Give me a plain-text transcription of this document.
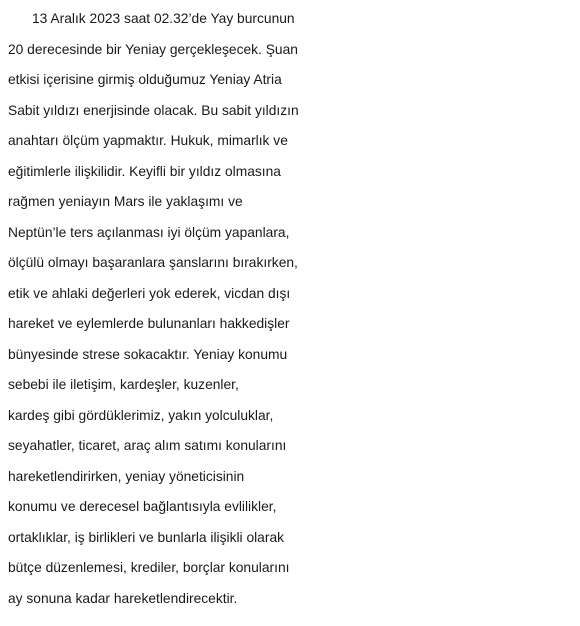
13 Aralık 2023 saat 02.32’de Yay burcunun
20 derecesinde bir Yeniay gerçekleşecek. Şuan
etkisi içerisine girmiş olduğumuz Yeniay Atria
Sabit yıldızı enerjisinde olacak. Bu sabit yıldızın
anahtarı ölçüm yapmaktır. Hukuk, mimarlık ve
eğitimlerle ilişkilidir. Keyifli bir yıldız olmasına
rağmen yeniayın Mars ile yaklaşımı ve
Neptün’le ters açılanması iyi ölçüm yapanlara,
ölçülü olmayı başaranlara şanslarını bırakırken,
etik ve ahlaki değerleri yok ederek, vicdan dışı
hareket ve eylemlerde bulunanları hakkedişler
bünyesinde strese sokacaktır. Yeniay konumu
sebebi ile iletişim, kardeşler, kuzenler,
kardeş gibi gördüklerimiz, yakın yolculuklar,
seyahatler, ticaret, araç alım satımı konularını
hareketlendirirken, yeniay yöneticisinin
konumu ve derecesel bağlantısıyla evlilikler,
ortaklıklar, iş birlikleri ve bunlarla ilişikli olarak
bütçe düzenlemesi, krediler, borçlar konularını
ay sonuna kadar hareketlendirecektir.
